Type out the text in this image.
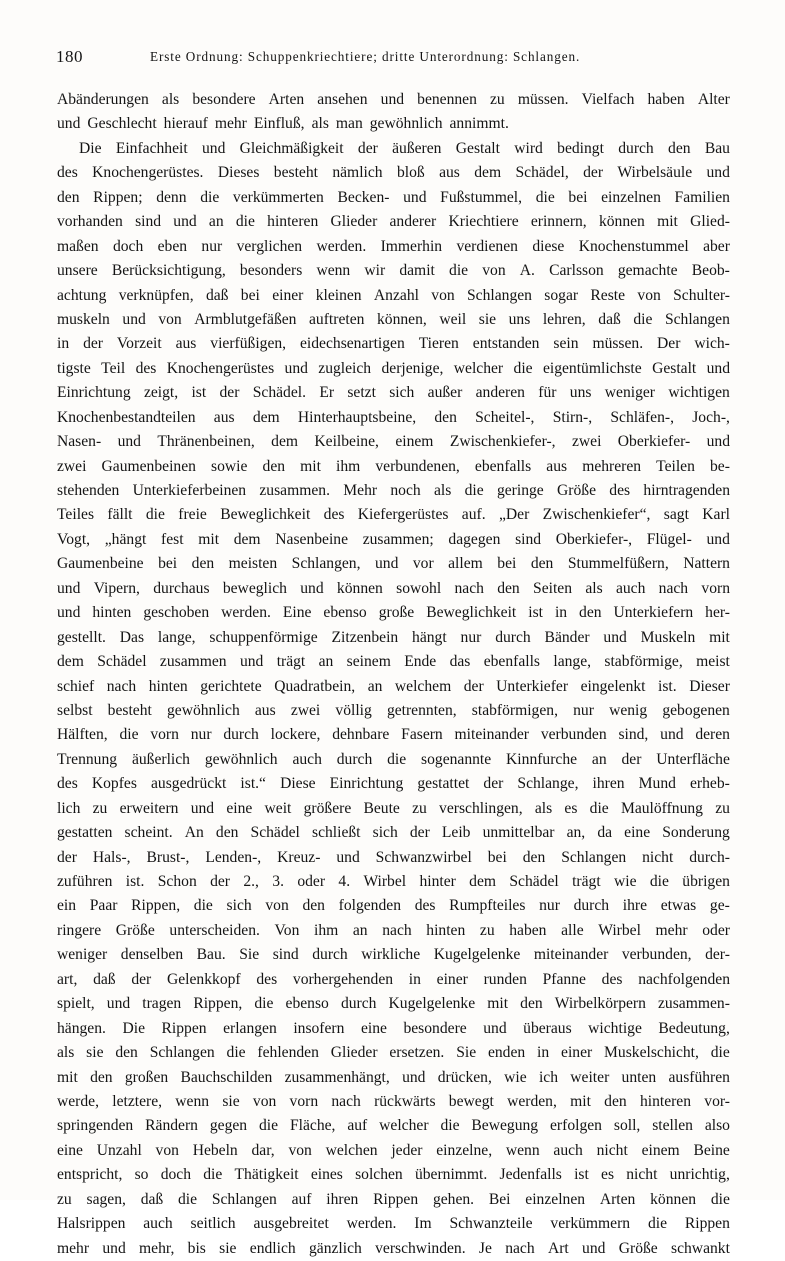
180	Erste Ordnung: Schuppenkriechtiere; dritte Unterordnung: Schlangen.
Abänderungen als besondere Arten ansehen und benennen zu müssen. Vielfach haben Alter
und Geschlecht hierauf mehr Einfluß, als man gewöhnlich annimmt.
Die Einfachheit und Gleichmäßigkeit der äußeren Gestalt wird bedingt durch den Bau
des Knochengerüstes. Dieses besteht nämlich bloß aus dem Schädel, der Wirbelsäule und
den Rippen; denn die verkümmerten Becken- und Fußstummel, die bei einzelnen Familien
vorhanden sind und an die hinteren Glieder anderer Kriechtiere erinnern, können mit Glied-
maßen doch eben nur verglichen werden. Immerhin verdienen diese Knochenstummel aber
unsere Berücksichtigung, besonders wenn wir damit die von A. Carlsson gemachte Beob-
achtung verknüpfen, daß bei einer kleinen Anzahl von Schlangen sogar Reste von Schulter-
muskeln und von Armblutgefäßen auftreten können, weil sie uns lehren, daß die Schlangen
in der Vorzeit aus vierfüßigen, eidechsenartigen Tieren entstanden sein müssen. Der wich-
tigste Teil des Knochengerüstes und zugleich derjenige, welcher die eigentümlichste Gestalt und
Einrichtung zeigt, ist der Schädel. Er setzt sich außer anderen für uns weniger wichtigen
Knochenbestandteilen aus dem Hinterhauptsbeine, den Scheitel-, Stirn-, Schläfen-, Joch-,
Nasen- und Thränenbeinen, dem Keilbeine, einem Zwischenkiefer-, zwei Oberkiefer- und
zwei Gaumenbeinen sowie den mit ihm verbundenen, ebenfalls aus mehreren Teilen be-
stehenden Unterkieferbeinen zusammen. Mehr noch als die geringe Größe des hirntragenden
Teiles fällt die freie Beweglichkeit des Kiefergerüstes auf. „Der Zwischenkiefer“, sagt Karl
Vogt, „hängt fest mit dem Nasenbeine zusammen; dagegen sind Oberkiefer-, Flügel- und
Gaumenbeine bei den meisten Schlangen, und vor allem bei den Stummelfüßern, Nattern
und Vipern, durchaus beweglich und können sowohl nach den Seiten als auch nach vorn
und hinten geschoben werden. Eine ebenso große Beweglichkeit ist in den Unterkiefern her-
gestellt. Das lange, schuppenförmige Zitzenbein hängt nur durch Bänder und Muskeln mit
dem Schädel zusammen und trägt an seinem Ende das ebenfalls lange, stabförmige, meist
schief nach hinten gerichtete Quadratbein, an welchem der Unterkiefer eingelenkt ist. Dieser
selbst besteht gewöhnlich aus zwei völlig getrennten, stabförmigen, nur wenig gebogenen
Hälften, die vorn nur durch lockere, dehnbare Fasern miteinander verbunden sind, und deren
Trennung äußerlich gewöhnlich auch durch die sogenannte Kinnfurche an der Unterfläche
des Kopfes ausgedrückt ist.“ Diese Einrichtung gestattet der Schlange, ihren Mund erheb-
lich zu erweitern und eine weit größere Beute zu verschlingen, als es die Maulöffnung zu
gestatten scheint. An den Schädel schließt sich der Leib unmittelbar an, da eine Sonderung
der Hals-, Brust-, Lenden-, Kreuz- und Schwanzwirbel bei den Schlangen nicht durch-
zuführen ist. Schon der 2., 3. oder 4. Wirbel hinter dem Schädel trägt wie die übrigen
ein Paar Rippen, die sich von den folgenden des Rumpfteiles nur durch ihre etwas ge-
ringere Größe unterscheiden. Von ihm an nach hinten zu haben alle Wirbel mehr oder
weniger denselben Bau. Sie sind durch wirkliche Kugelgelenke miteinander verbunden, der-
art, daß der Gelenkkopf des vorhergehenden in einer runden Pfanne des nachfolgenden
spielt, und tragen Rippen, die ebenso durch Kugelgelenke mit den Wirbelkörpern zusammen-
hängen. Die Rippen erlangen insofern eine besondere und überaus wichtige Bedeutung,
als sie den Schlangen die fehlenden Glieder ersetzen. Sie enden in einer Muskelschicht, die
mit den großen Bauchschilden zusammenhängt, und drücken, wie ich weiter unten ausführen
werde, letztere, wenn sie von vorn nach rückwärts bewegt werden, mit den hinteren vor-
springenden Rändern gegen die Fläche, auf welcher die Bewegung erfolgen soll, stellen also
eine Unzahl von Hebeln dar, von welchen jeder einzelne, wenn auch nicht einem Beine
entspricht, so doch die Thätigkeit eines solchen übernimmt. Jedenfalls ist es nicht unrichtig,
zu sagen, daß die Schlangen auf ihren Rippen gehen. Bei einzelnen Arten können die
Halsrippen auch seitlich ausgebreitet werden. Im Schwanzteile verkümmern die Rippen
mehr und mehr, bis sie endlich gänzlich verschwinden. Je nach Art und Größe schwankt
